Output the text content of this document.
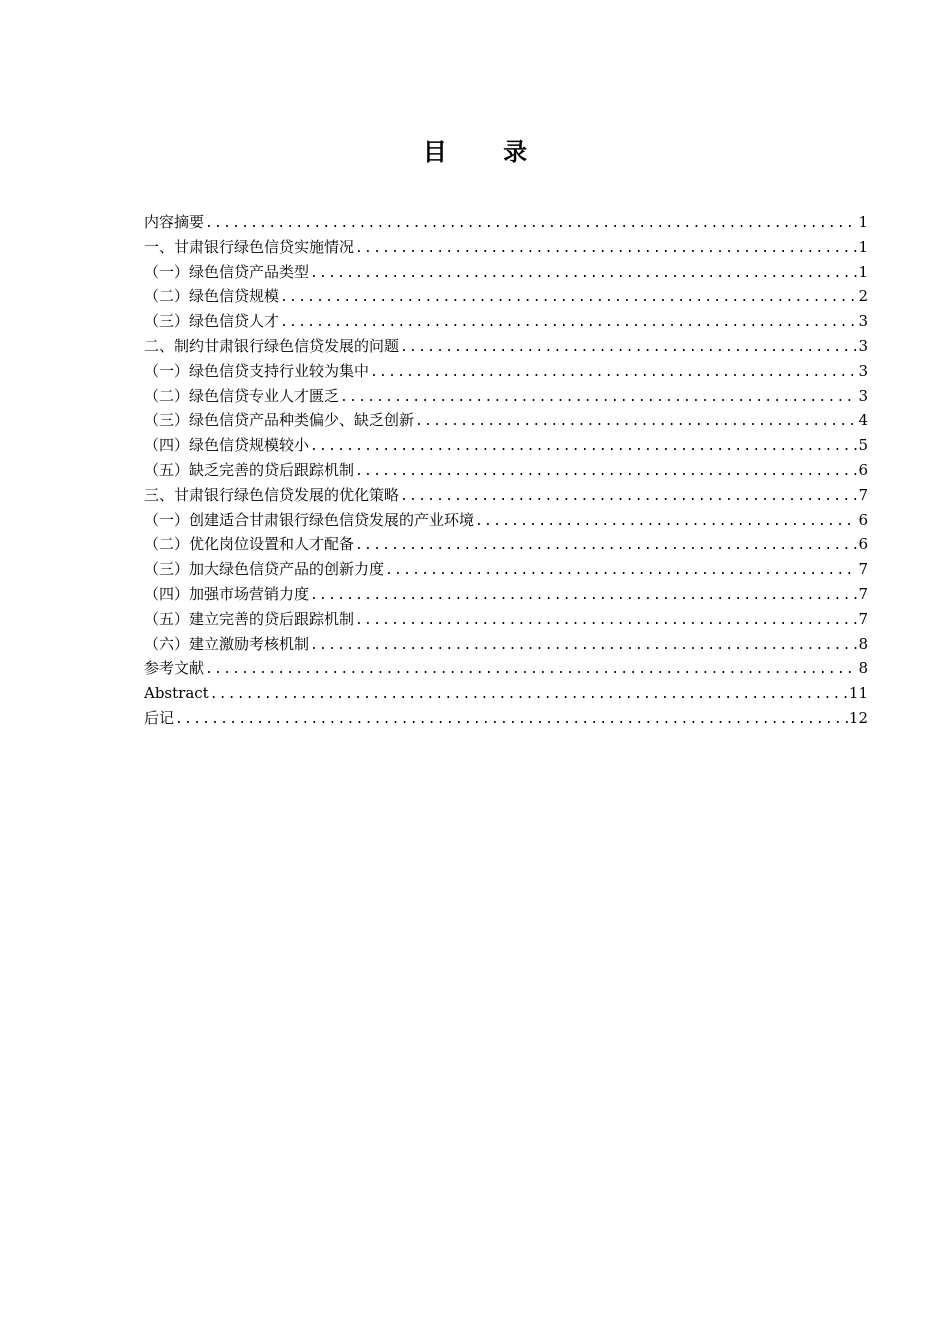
目 录
内容摘要 .....	1
一、甘肃银行绿色信贷实施情况 .....	1
（一）绿色信贷产品类型 .....	1
（二）绿色信贷规模 .....	2
（三）绿色信贷人才 .....	3
二、制约甘肃银行绿色信贷发展的问题 .....	3
（一）绿色信贷支持行业较为集中 .....	3
（二）绿色信贷专业人才匮乏 .....	3
（三）绿色信贷产品种类偏少、缺乏创新 .....	4
（四）绿色信贷规模较小 .....	5
（五）缺乏完善的贷后跟踪机制 .....	6
三、甘肃银行绿色信贷发展的优化策略 .....	7
（一）创建适合甘肃银行绿色信贷发展的产业环境 .....	6
（二）优化岗位设置和人才配备 .....	6
（三）加大绿色信贷产品的创新力度 .....	7
（四）加强市场营销力度 .....	7
（五）建立完善的贷后跟踪机制 .....	7
（六）建立激励考核机制 .....	8
参考文献 .....	8
Abstract .....	11
后记 .....	12
